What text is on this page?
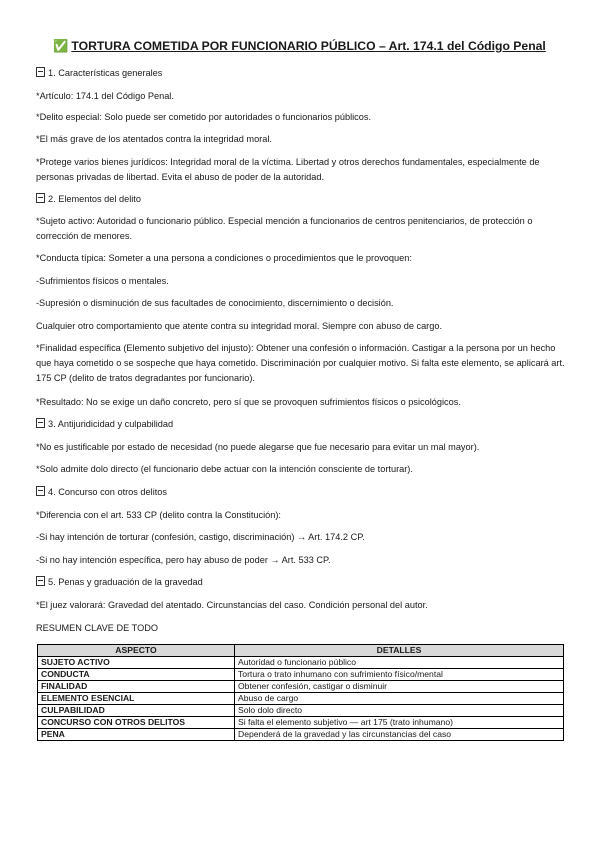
✅ TORTURA COMETIDA POR FUNCIONARIO PÚBLICO – Art. 174.1 del Código Penal
1. Características generales
*Artículo: 174.1 del Código Penal.
*Delito especial: Solo puede ser cometido por autoridades o funcionarios públicos.
*El más grave de los atentados contra la integridad moral.
*Protege varios bienes jurídicos: Integridad moral de la víctima. Libertad y otros derechos fundamentales, especialmente de personas privadas de libertad. Evita el abuso de poder de la autoridad.
2. Elementos del delito
*Sujeto activo: Autoridad o funcionario público. Especial mención a funcionarios de centros penitenciarios, de protección o corrección de menores.
*Conducta típica: Someter a una persona a condiciones o procedimientos que le provoquen:
-Sufrimientos físicos o mentales.
-Supresión o disminución de sus facultades de conocimiento, discernimiento o decisión.
Cualquier otro comportamiento que atente contra su integridad moral. Siempre con abuso de cargo.
*Finalidad específica (Elemento subjetivo del injusto): Obtener una confesión o información. Castigar a la persona por un hecho que haya cometido o se sospeche que haya cometido. Discriminación por cualquier motivo. Si falta este elemento, se aplicará art. 175 CP (delito de tratos degradantes por funcionario).
*Resultado: No se exige un daño concreto, pero sí que se provoquen sufrimientos físicos o psicológicos.
3. Antijuridicidad y culpabilidad
*No es justificable por estado de necesidad (no puede alegarse que fue necesario para evitar un mal mayor).
*Solo admite dolo directo (el funcionario debe actuar con la intención consciente de torturar).
4. Concurso con otros delitos
*Diferencia con el art. 533 CP (delito contra la Constitución):
-Si hay intención de torturar (confesión, castigo, discriminación) → Art. 174.2 CP.
-Si no hay intención específica, pero hay abuso de poder → Art. 533 CP.
5. Penas y graduación de la gravedad
*El juez valorará: Gravedad del atentado. Circunstancias del caso. Condición personal del autor.
RESUMEN CLAVE DE TODO
ASPECTO	DETALLES
SUJETO ACTIVO	Autoridad o funcionario público
CONDUCTA	Tortura o trato inhumano con sufrimiento físico/mental
FINALIDAD	Obtener confesión, castigar o disminuir
ELEMENTO ESENCIAL	Abuso de cargo
CULPABILIDAD	Solo dolo directo
CONCURSO CON OTROS DELITOS	Si falta el elemento subjetivo — art 175 (trato inhumano)
PENA	Dependerá de la gravedad y las circunstancias del caso
